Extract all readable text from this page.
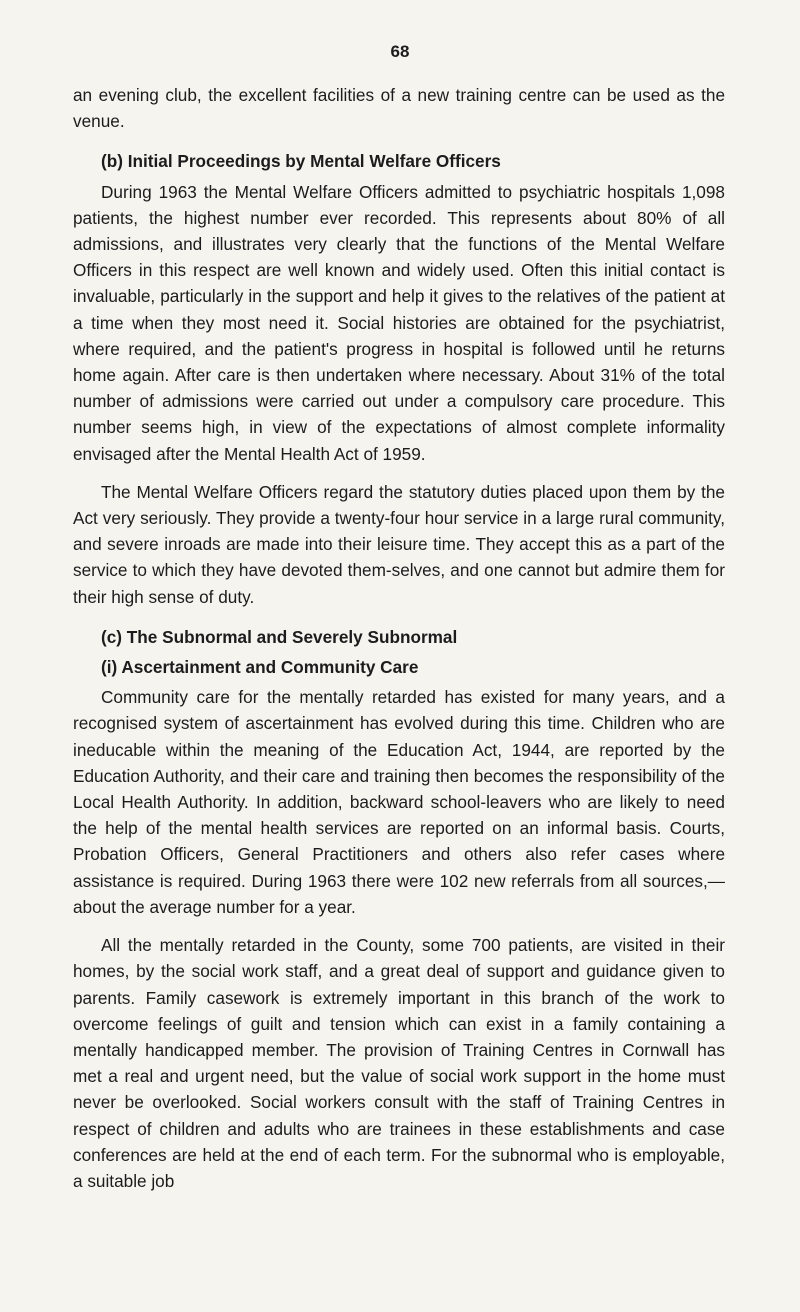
68

an evening club, the excellent facilities of a new training centre can be used as the venue.

(b) Initial Proceedings by Mental Welfare Officers

During 1963 the Mental Welfare Officers admitted to psychiatric hospitals 1,098 patients, the highest number ever recorded. This represents about 80% of all admissions, and illustrates very clearly that the functions of the Mental Welfare Officers in this respect are well known and widely used. Often this initial contact is invaluable, particularly in the support and help it gives to the relatives of the patient at a time when they most need it. Social histories are obtained for the psychiatrist, where required, and the patient's progress in hospital is followed until he returns home again. After care is then undertaken where necessary. About 31% of the total number of admissions were carried out under a compulsory care procedure. This number seems high, in view of the expectations of almost complete informality envisaged after the Mental Health Act of 1959.

The Mental Welfare Officers regard the statutory duties placed upon them by the Act very seriously. They provide a twenty-four hour service in a large rural community, and severe inroads are made into their leisure time. They accept this as a part of the service to which they have devoted them-selves, and one cannot but admire them for their high sense of duty.

(c) The Subnormal and Severely Subnormal

(i) Ascertainment and Community Care

Community care for the mentally retarded has existed for many years, and a recognised system of ascertainment has evolved during this time. Children who are ineducable within the meaning of the Education Act, 1944, are reported by the Education Authority, and their care and training then becomes the responsibility of the Local Health Authority. In addition, backward school-leavers who are likely to need the help of the mental health services are reported on an informal basis. Courts, Probation Officers, General Practitioners and others also refer cases where assistance is required. During 1963 there were 102 new referrals from all sources,—about the average number for a year.

All the mentally retarded in the County, some 700 patients, are visited in their homes, by the social work staff, and a great deal of support and guidance given to parents. Family casework is extremely important in this branch of the work to overcome feelings of guilt and tension which can exist in a family containing a mentally handicapped member. The provision of Training Centres in Cornwall has met a real and urgent need, but the value of social work support in the home must never be overlooked. Social workers consult with the staff of Training Centres in respect of children and adults who are trainees in these establishments and case conferences are held at the end of each term. For the subnormal who is employable, a suitable job
